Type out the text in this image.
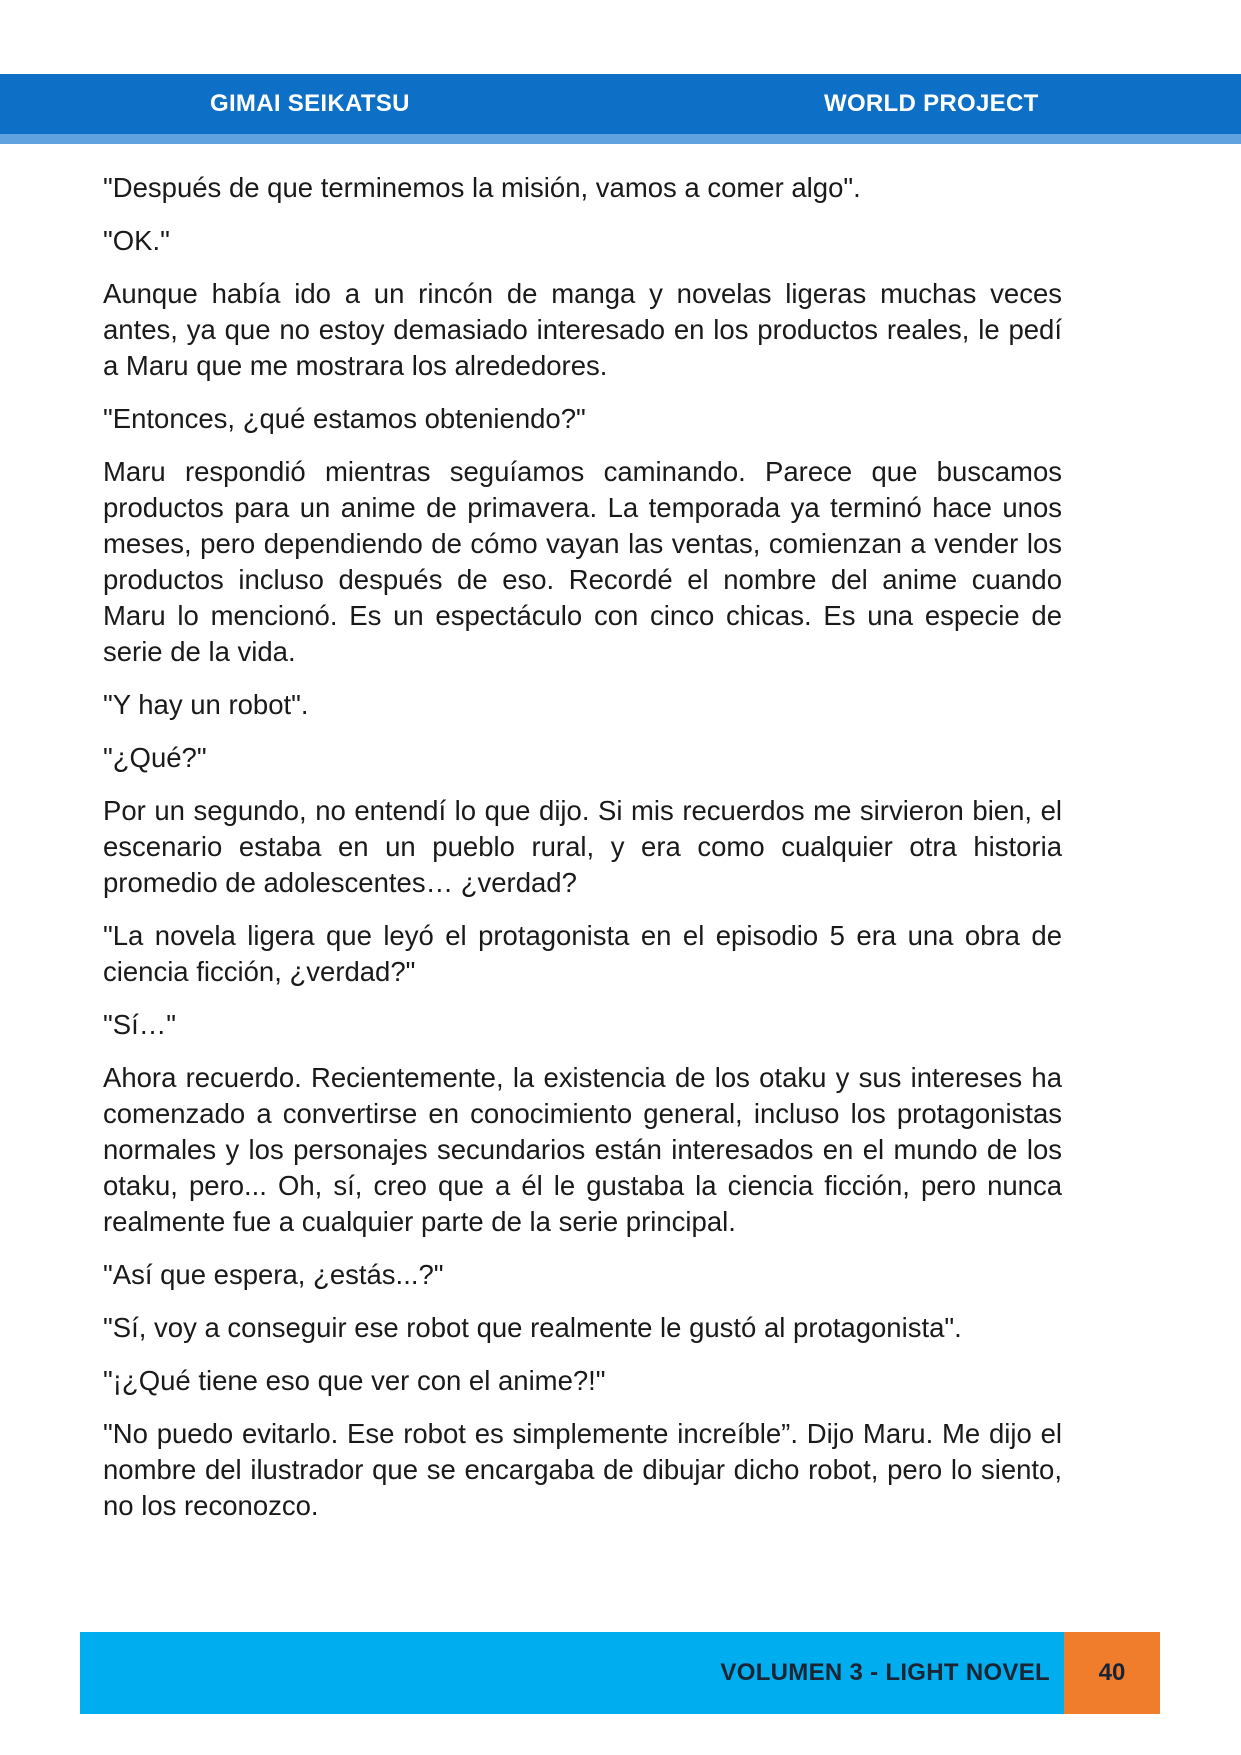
GIMAI SEIKATSU	WORLD PROJECT

"Después de que terminemos la misión, vamos a comer algo".

"OK."

Aunque había ido a un rincón de manga y novelas ligeras muchas veces antes, ya que no estoy demasiado interesado en los productos reales, le pedí a Maru que me mostrara los alrededores.

"Entonces, ¿qué estamos obteniendo?"

Maru respondió mientras seguíamos caminando. Parece que buscamos productos para un anime de primavera. La temporada ya terminó hace unos meses, pero dependiendo de cómo vayan las ventas, comienzan a vender los productos incluso después de eso. Recordé el nombre del anime cuando Maru lo mencionó. Es un espectáculo con cinco chicas. Es una especie de serie de la vida.

"Y hay un robot".

"¿Qué?"

Por un segundo, no entendí lo que dijo. Si mis recuerdos me sirvieron bien, el escenario estaba en un pueblo rural, y era como cualquier otra historia promedio de adolescentes… ¿verdad?

"La novela ligera que leyó el protagonista en el episodio 5 era una obra de ciencia ficción, ¿verdad?"

"Sí…"

Ahora recuerdo. Recientemente, la existencia de los otaku y sus intereses ha comenzado a convertirse en conocimiento general, incluso los protagonistas normales y los personajes secundarios están interesados en el mundo de los otaku, pero... Oh, sí, creo que a él le gustaba la ciencia ficción, pero nunca realmente fue a cualquier parte de la serie principal.

"Así que espera, ¿estás...?"

"Sí, voy a conseguir ese robot que realmente le gustó al protagonista".

"¡¿Qué tiene eso que ver con el anime?!"

"No puedo evitarlo. Ese robot es simplemente increíble”. Dijo Maru. Me dijo el nombre del ilustrador que se encargaba de dibujar dicho robot, pero lo siento, no los reconozco.

VOLUMEN 3 - LIGHT NOVEL	40
